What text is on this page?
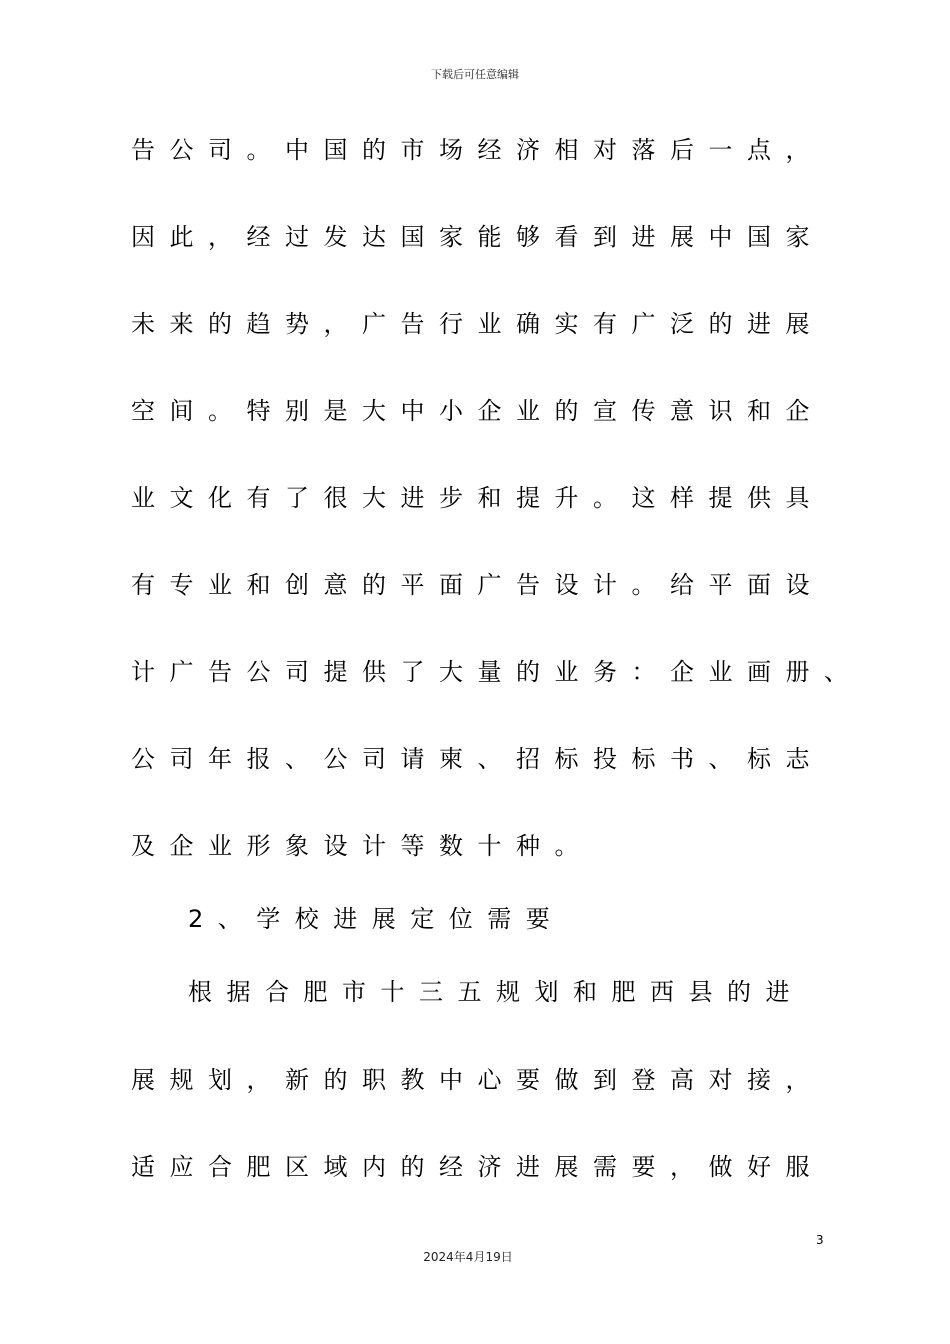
下载后可任意编辑
告公司。中国的市场经济相对落后一点，
因此，经过发达国家能够看到进展中国家
未来的趋势，广告行业确实有广泛的进展
空间。特别是大中小企业的宣传意识和企
业文化有了很大进步和提升。这样提供具
有专业和创意的平面广告设计。给平面设
计广告公司提供了大量的业务：企业画册、
公司年报、公司请柬、招标投标书、标志
及企业形象设计等数十种。
2、学校进展定位需要
根据合肥市十三五规划和肥西县的进
展规划，新的职教中心要做到登高对接，
适应合肥区域内的经济进展需要，做好服
3
2024年4月19日
